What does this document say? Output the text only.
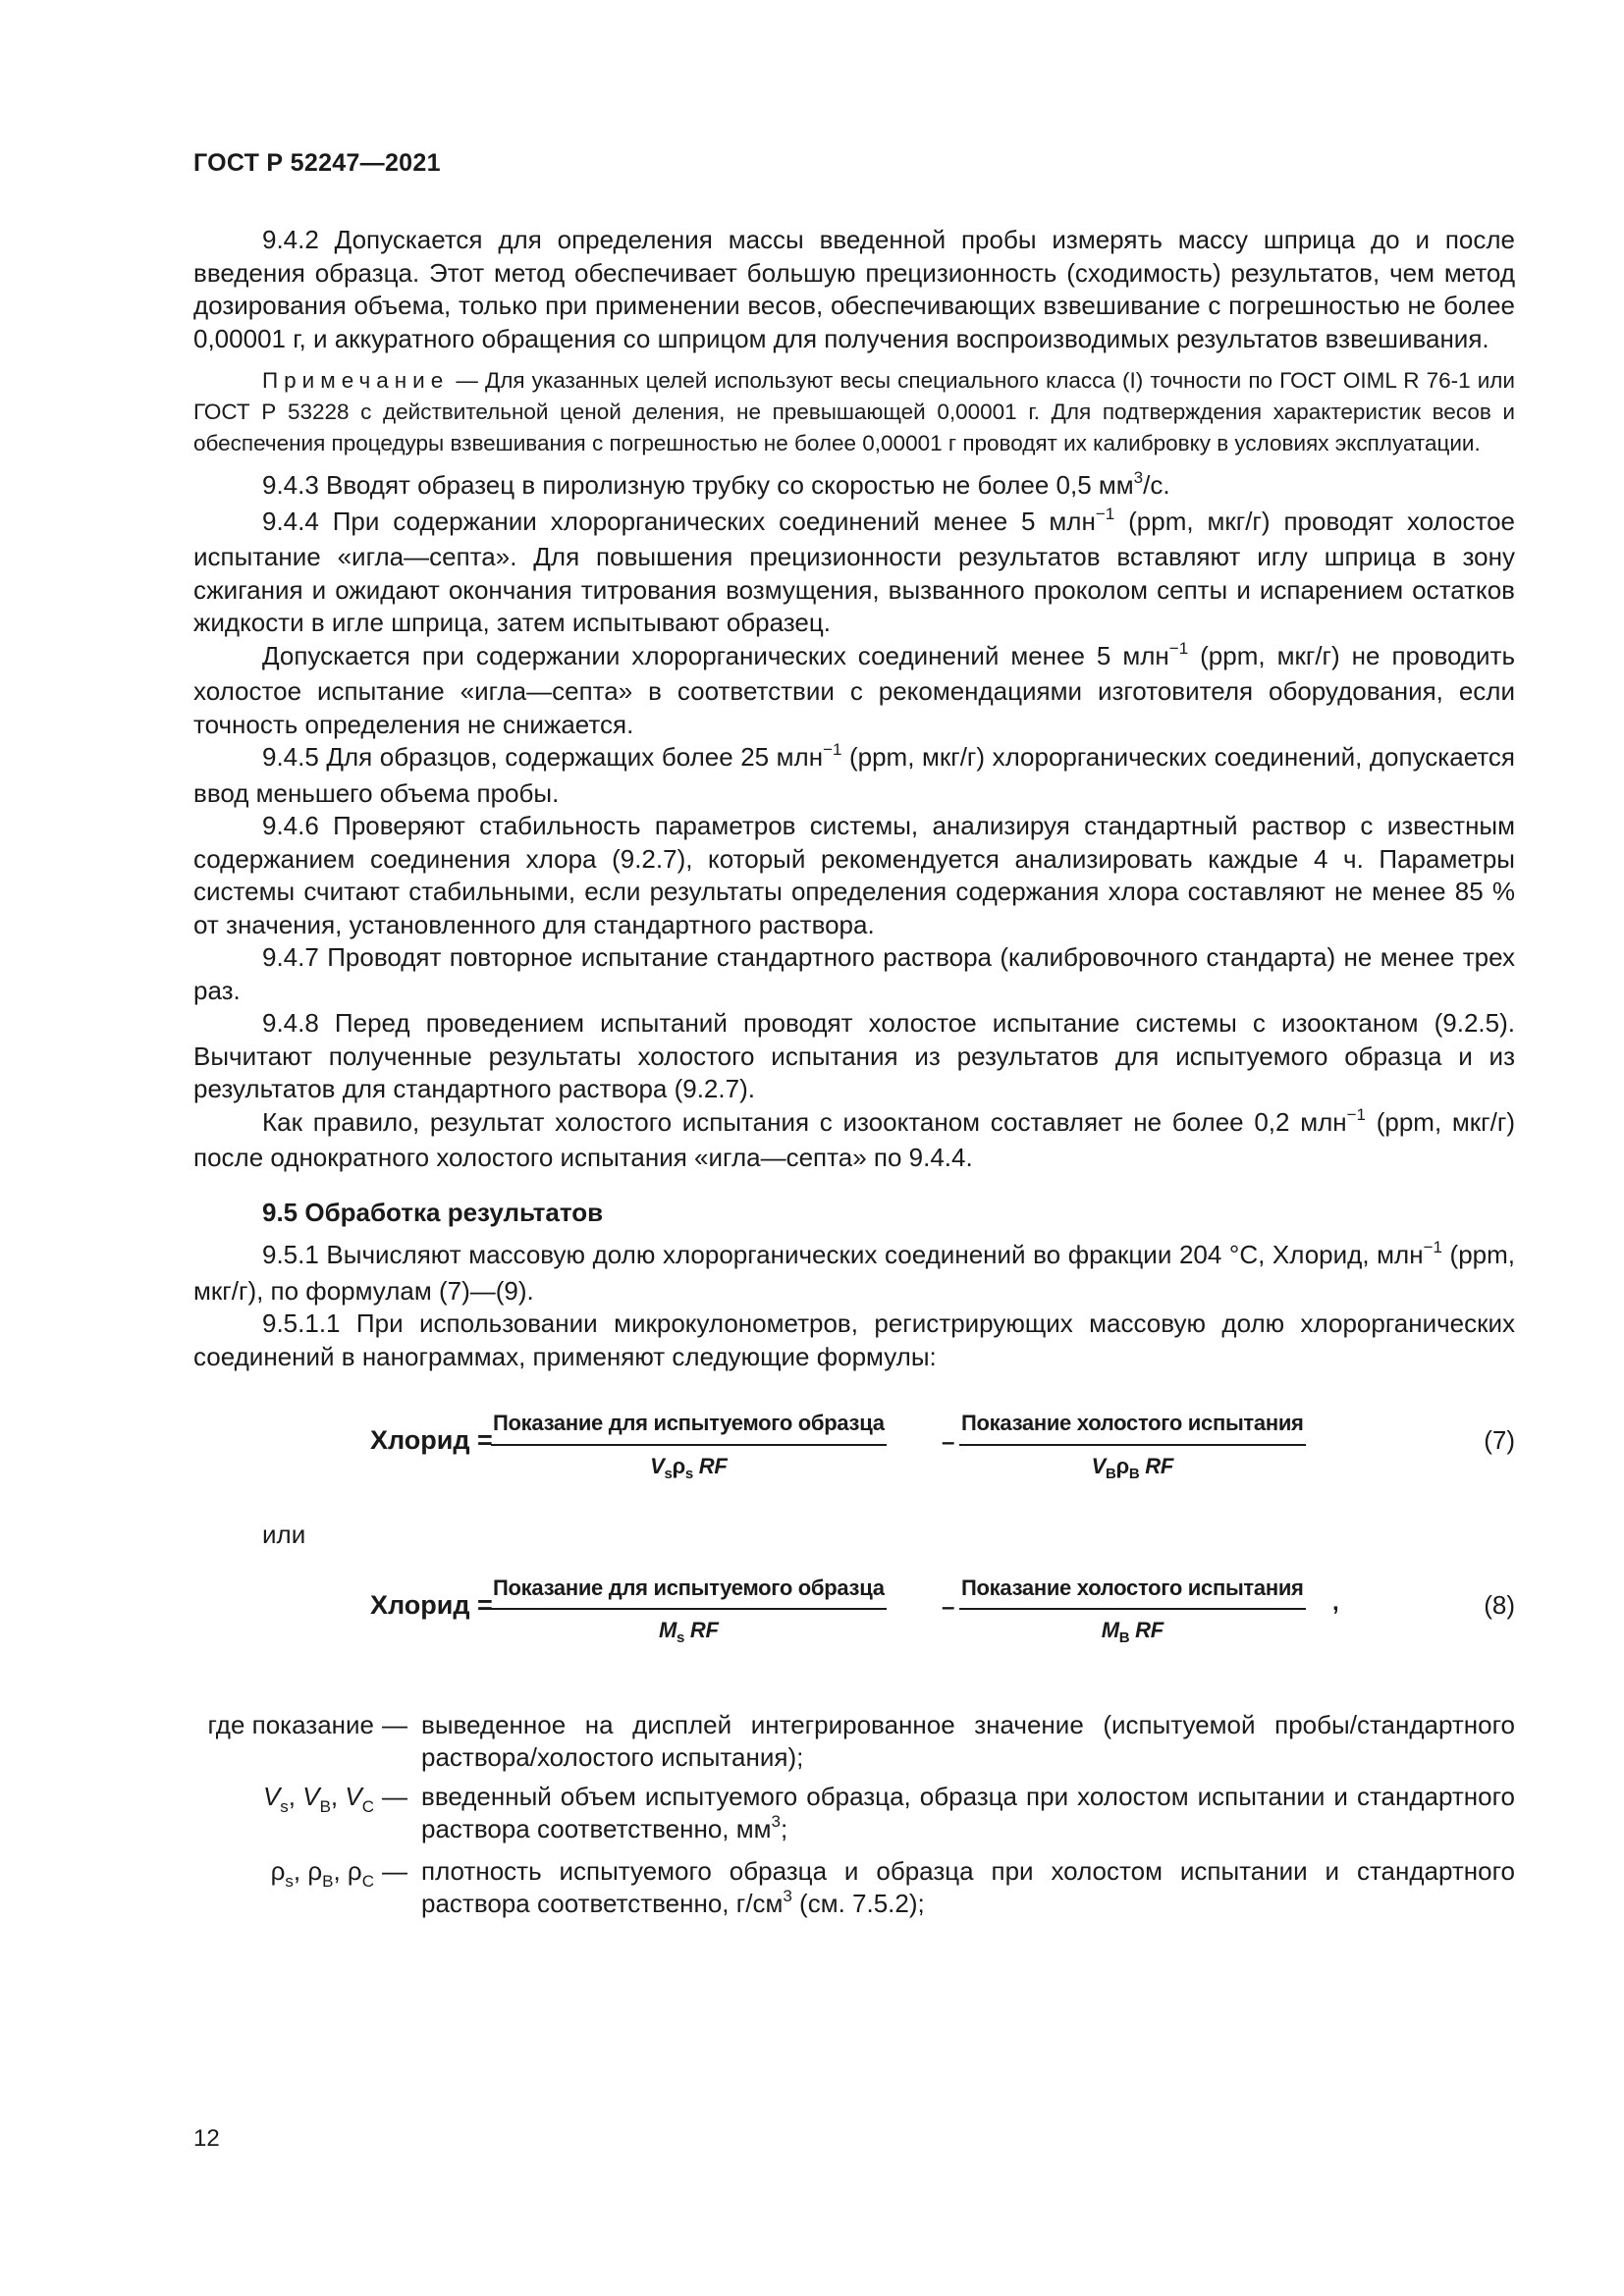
ГОСТ Р 52247—2021

9.4.2 Допускается для определения массы введенной пробы измерять массу шприца до и после введения образца. Этот метод обеспечивает большую прецизионность (сходимость) результатов, чем метод дозирования объема, только при применении весов, обеспечивающих взвешивание с погрешностью не более 0,00001 г, и аккуратного обращения со шприцом для получения воспроизводимых результатов взвешивания.

Примечание — Для указанных целей используют весы специального класса (I) точности по ГОСТ OIML R 76-1 или ГОСТ Р 53228 с действительной ценой деления, не превышающей 0,00001 г. Для подтверждения характеристик весов и обеспечения процедуры взвешивания с погрешностью не более 0,00001 г проводят их калибровку в условиях эксплуатации.

9.4.3 Вводят образец в пиролизную трубку со скоростью не более 0,5 $мм^3/с$.

9.4.4 При содержании хлорорганических соединений менее 5 млн$^{-1}$ (ppm, мкг/г) проводят холостое испытание «игла—септа». Для повышения прецизионности результатов вставляют иглу шприца в зону сжигания и ожидают окончания титрования возмущения, вызванного проколом септы и испарением остатков жидкости в игле шприца, затем испытывают образец.

Допускается при содержании хлорорганических соединений менее 5 млн$^{-1}$ (ppm, мкг/г) не проводить холостое испытание «игла—септа» в соответствии с рекомендациями изготовителя оборудования, если точность определения не снижается.

9.4.5 Для образцов, содержащих более 25 млн$^{-1}$ (ppm, мкг/г) хлорорганических соединений, допускается ввод меньшего объема пробы.

9.4.6 Проверяют стабильность параметров системы, анализируя стандартный раствор с известным содержанием соединения хлора (9.2.7), который рекомендуется анализировать каждые 4 ч. Параметры системы считают стабильными, если результаты определения содержания хлора составляют не менее 85 % от значения, установленного для стандартного раствора.

9.4.7 Проводят повторное испытание стандартного раствора (калибровочного стандарта) не менее трех раз.

9.4.8 Перед проведением испытаний проводят холостое испытание системы с изооктаном (9.2.5). Вычитают полученные результаты холостого испытания из результатов для испытуемого образца и из результатов для стандартного раствора (9.2.7).

Как правило, результат холостого испытания с изооктаном составляет не более 0,2 млн$^{-1}$ (ppm, мкг/г) после однократного холостого испытания «игла—септа» по 9.4.4.

9.5 Обработка результатов

9.5.1 Вычисляют массовую долю хлорорганических соединений во фракции 204 °С, Хлорид, млн$^{-1}$ (ppm, мкг/г), по формулам (7)—(9).

9.5.1.1 При использовании микрокулонометров, регистрирующих массовую долю хлорорганических соединений в нанограммах, применяют следующие формулы:

Хлорид =
Показание для испытуемого образца
$V_s\rho_s$ RF
–
Показание холостого испытания
$V_B\rho_B$ RF
(7)
или
Хлорид =
Показание для испытуемого образца
$M_s$ RF
–
Показание холостого испытания
$M_B$ RF
,	(8)
где показание — выведенное на дисплей интегрированное значение (испытуемой пробы/стандартного раствора/холостого испытания);
$V_s$, $V_B$, $V_C$ — введенный объем испытуемого образца, образца при холостом испытании и стандартного раствора соответственно, $мм^3$;
$\rho_s$, $\rho_B$, $\rho_C$ — плотность испытуемого образца и образца при холостом испытании и стандартного раствора соответственно, $г/см^3$ (см. 7.5.2);
12
